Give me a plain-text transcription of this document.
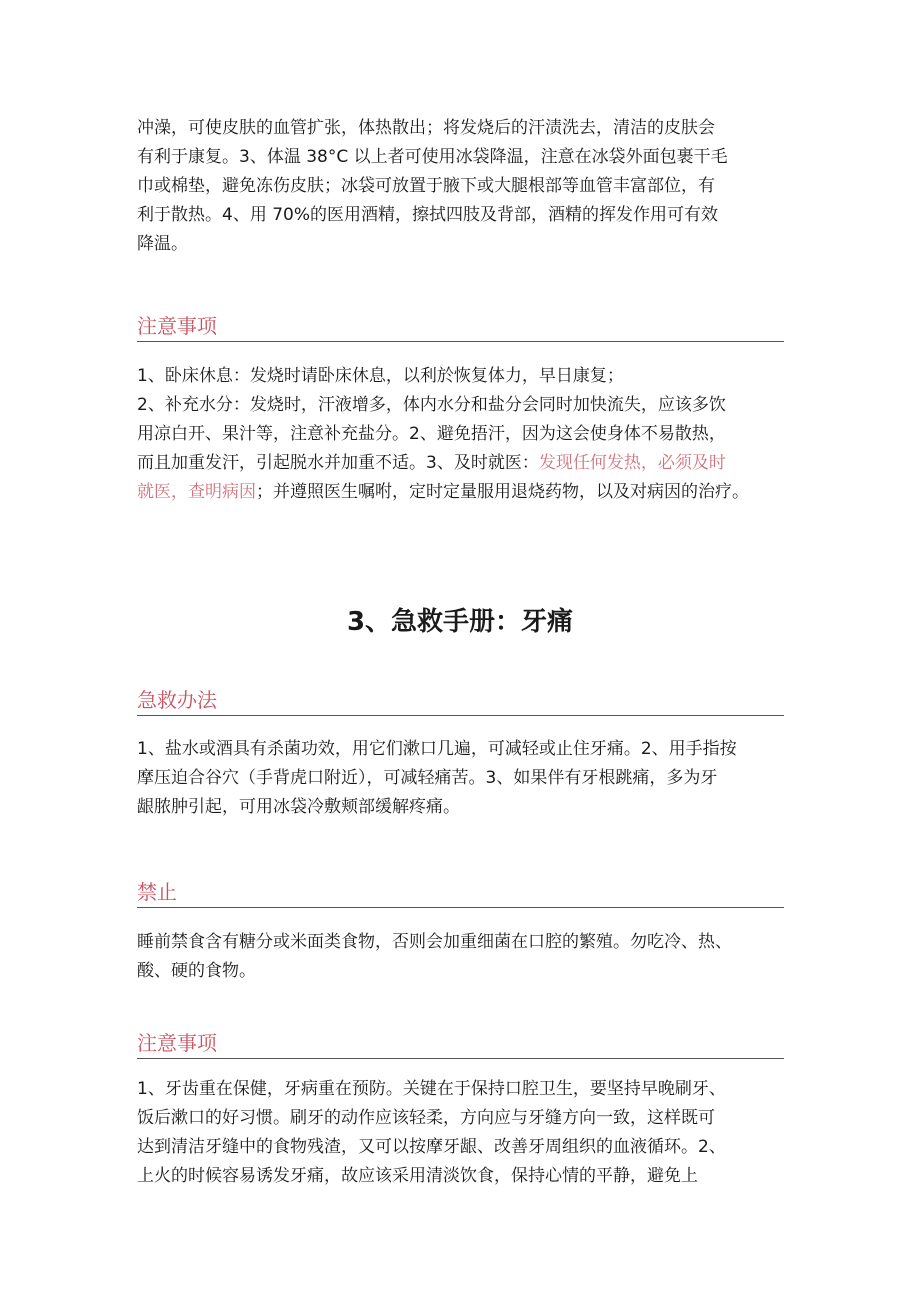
冲澡，可使皮肤的血管扩张，体热散出；将发烧后的汗渍洗去，清洁的皮肤会
有利于康复。3、体温 38°C 以上者可使用冰袋降温，注意在冰袋外面包裹干毛
巾或棉垫，避免冻伤皮肤；冰袋可放置于腋下或大腿根部等血管丰富部位，有
利于散热。4、用 70%的医用酒精，擦拭四肢及背部，酒精的挥发作用可有效
降温。
注意事项
1、卧床休息：发烧时请卧床休息，以利於恢复体力，早日康复；
2、补充水分：发烧时，汗液增多，体内水分和盐分会同时加快流失，应该多饮
用凉白开、果汁等，注意补充盐分。2、避免捂汗，因为这会使身体不易散热，
而且加重发汗，引起脱水并加重不适。3、及时就医：发现任何发热，必须及时
就医，查明病因；并遵照医生嘱咐，定时定量服用退烧药物，以及对病因的治疗。
3、急救手册：牙痛
急救办法
1、盐水或酒具有杀菌功效，用它们漱口几遍，可减轻或止住牙痛。2、用手指按
摩压迫合谷穴（手背虎口附近），可减轻痛苦。3、如果伴有牙根跳痛，多为牙
龈脓肿引起，可用冰袋冷敷颊部缓解疼痛。
禁止
睡前禁食含有糖分或米面类食物，否则会加重细菌在口腔的繁殖。勿吃冷、热、
酸、硬的食物。
注意事项
1、牙齿重在保健，牙病重在预防。关键在于保持口腔卫生，要坚持早晚刷牙、
饭后漱口的好习惯。刷牙的动作应该轻柔，方向应与牙缝方向一致，这样既可
达到清洁牙缝中的食物残渣，又可以按摩牙龈、改善牙周组织的血液循环。2、
上火的时候容易诱发牙痛，故应该采用清淡饮食，保持心情的平静，避免上
